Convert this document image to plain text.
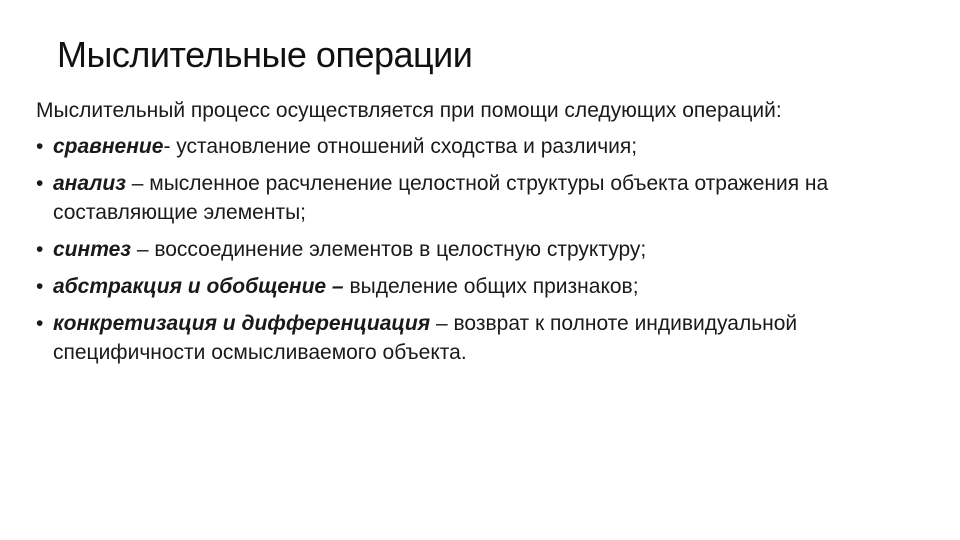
Мыслительные операции
Мыслительный процесс осуществляется при помощи следующих операций:
• сравнение- установление отношений сходства и различия;
• анализ – мысленное расчленение целостной структуры объекта отражения на составляющие элементы;
• синтез – воссоединение элементов в целостную структуру;
• абстракция и обобщение – выделение общих признаков;
• конкретизация и дифференциация – возврат к полноте индивидуальной специфичности осмысливаемого объекта.
